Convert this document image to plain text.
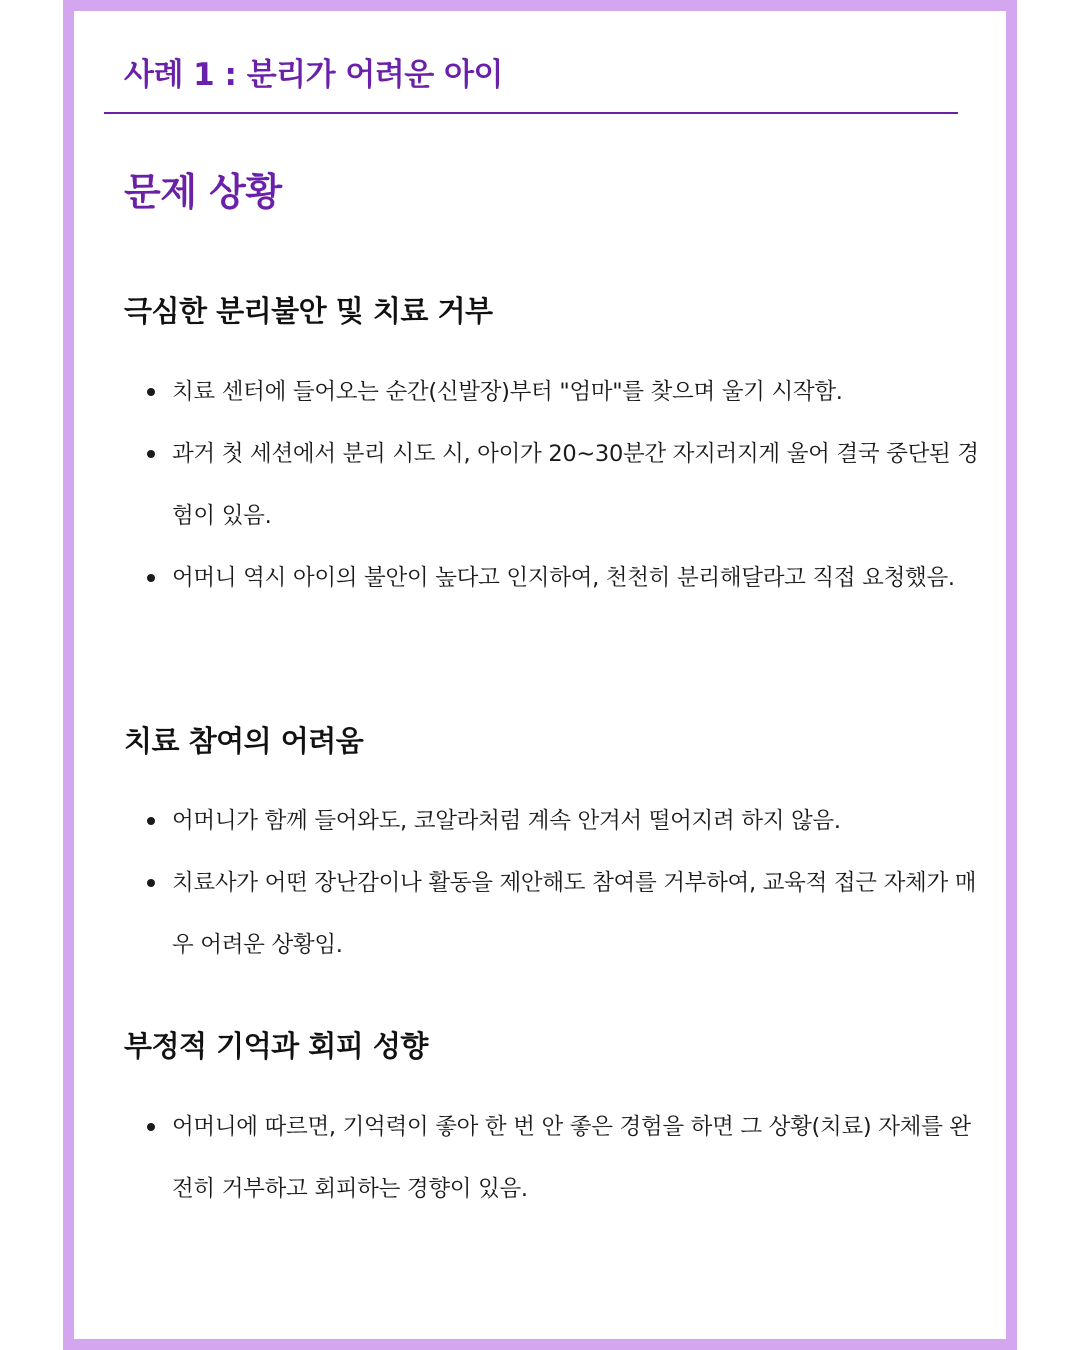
사례 1 : 분리가 어려운 아이
문제 상황
극심한 분리불안 및 치료 거부
치료 센터에 들어오는 순간(신발장)부터 "엄마"를 찾으며 울기 시작함.
과거 첫 세션에서 분리 시도 시, 아이가 20~30분간 자지러지게 울어 결국 중단된 경험이 있음.
어머니 역시 아이의 불안이 높다고 인지하여, 천천히 분리해달라고 직접 요청했음.
치료 참여의 어려움
어머니가 함께 들어와도, 코알라처럼 계속 안겨서 떨어지려 하지 않음.
치료사가 어떤 장난감이나 활동을 제안해도 참여를 거부하여, 교육적 접근 자체가 매우 어려운 상황임.
부정적 기억과 회피 성향
어머니에 따르면, 기억력이 좋아 한 번 안 좋은 경험을 하면 그 상황(치료) 자체를 완전히 거부하고 회피하는 경향이 있음.
